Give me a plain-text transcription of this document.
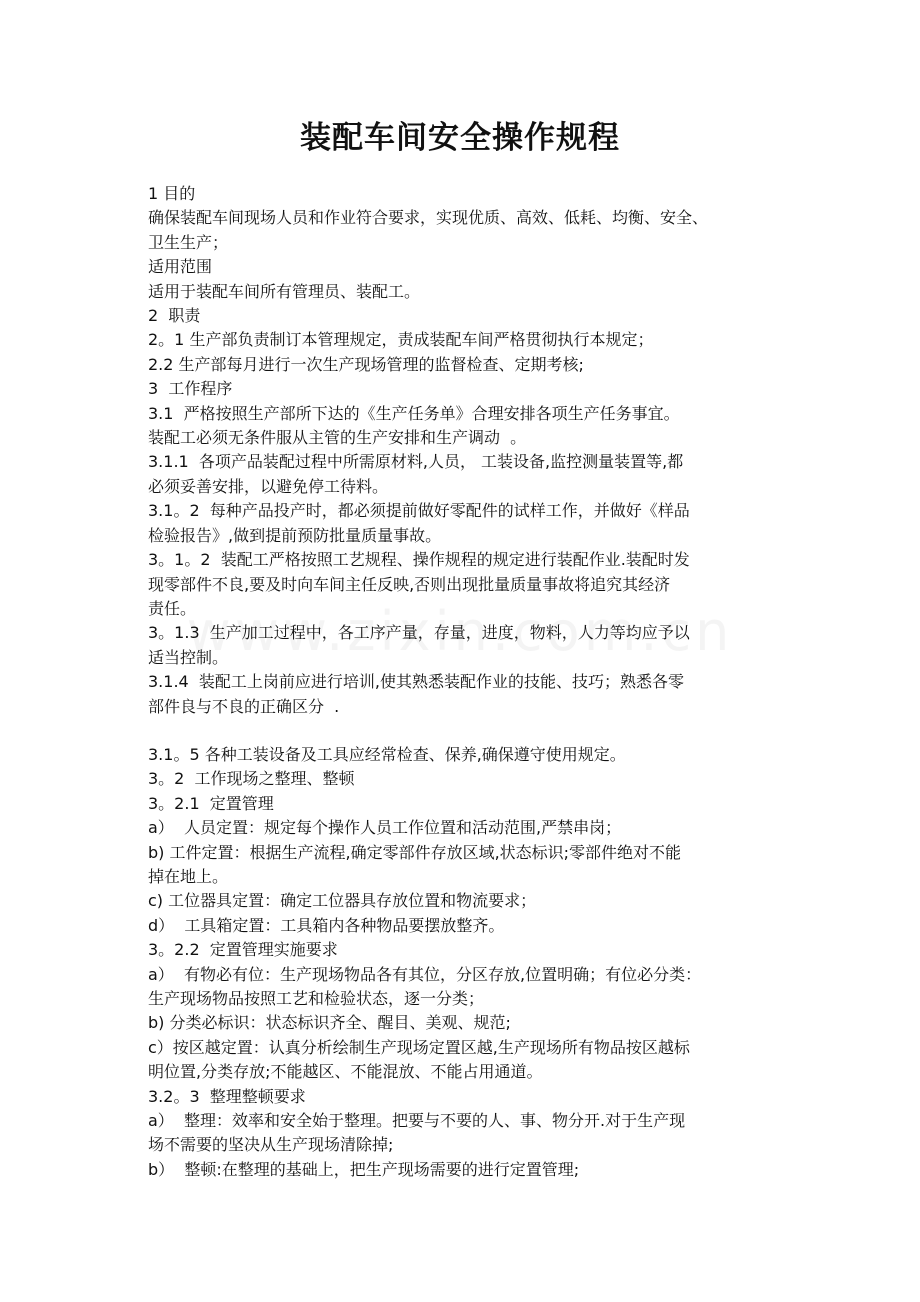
装配车间安全操作规程
1 目的
确保装配车间现场人员和作业符合要求，实现优质、高效、低耗、均衡、安全、
卫生生产；
适用范围
适用于装配车间所有管理员、装配工。
2  职责
2。1 生产部负责制订本管理规定，责成装配车间严格贯彻执行本规定；
2.2 生产部每月进行一次生产现场管理的监督检查、定期考核;
3  工作程序
3.1  严格按照生产部所下达的《生产任务单》合理安排各项生产任务事宜。
装配工必须无条件服从主管的生产安排和生产调动  。
3.1.1  各项产品装配过程中所需原材料,人员， 工装设备,监控测量装置等,都
必须妥善安排，以避免停工待料。
3.1。2  每种产品投产时，都必须提前做好零配件的试样工作，并做好《样品
检验报告》,做到提前预防批量质量事故。
3。1。2  装配工严格按照工艺规程、操作规程的规定进行装配作业.装配时发
现零部件不良,要及时向车间主任反映,否则出现批量质量事故将追究其经济
责任。
3。1.3  生产加工过程中，各工序产量，存量，进度，物料，人力等均应予以
适当控制。
3.1.4  装配工上岗前应进行培训,使其熟悉装配作业的技能、技巧；熟悉各零
部件良与不良的正确区分  .
3.1。5 各种工装设备及工具应经常检查、保养,确保遵守使用规定。
3。2  工作现场之整理、整顿
3。2.1  定置管理
a）  人员定置：规定每个操作人员工作位置和活动范围,严禁串岗；
b) 工件定置：根据生产流程,确定零部件存放区域,状态标识;零部件绝对不能
掉在地上。
c) 工位器具定置：确定工位器具存放位置和物流要求；
d）  工具箱定置：工具箱内各种物品要摆放整齐。
3。2.2  定置管理实施要求
a）  有物必有位：生产现场物品各有其位，分区存放,位置明确；有位必分类：
生产现场物品按照工艺和检验状态，逐一分类；
b) 分类必标识：状态标识齐全、醒目、美观、规范;
c）按区越定置：认真分析绘制生产现场定置区越,生产现场所有物品按区越标
明位置,分类存放;不能越区、不能混放、不能占用通道。
3.2。3  整理整顿要求
a）  整理：效率和安全始于整理。把要与不要的人、事、物分开.对于生产现
场不需要的坚决从生产现场清除掉;
b）  整顿:在整理的基础上，把生产现场需要的进行定置管理;
